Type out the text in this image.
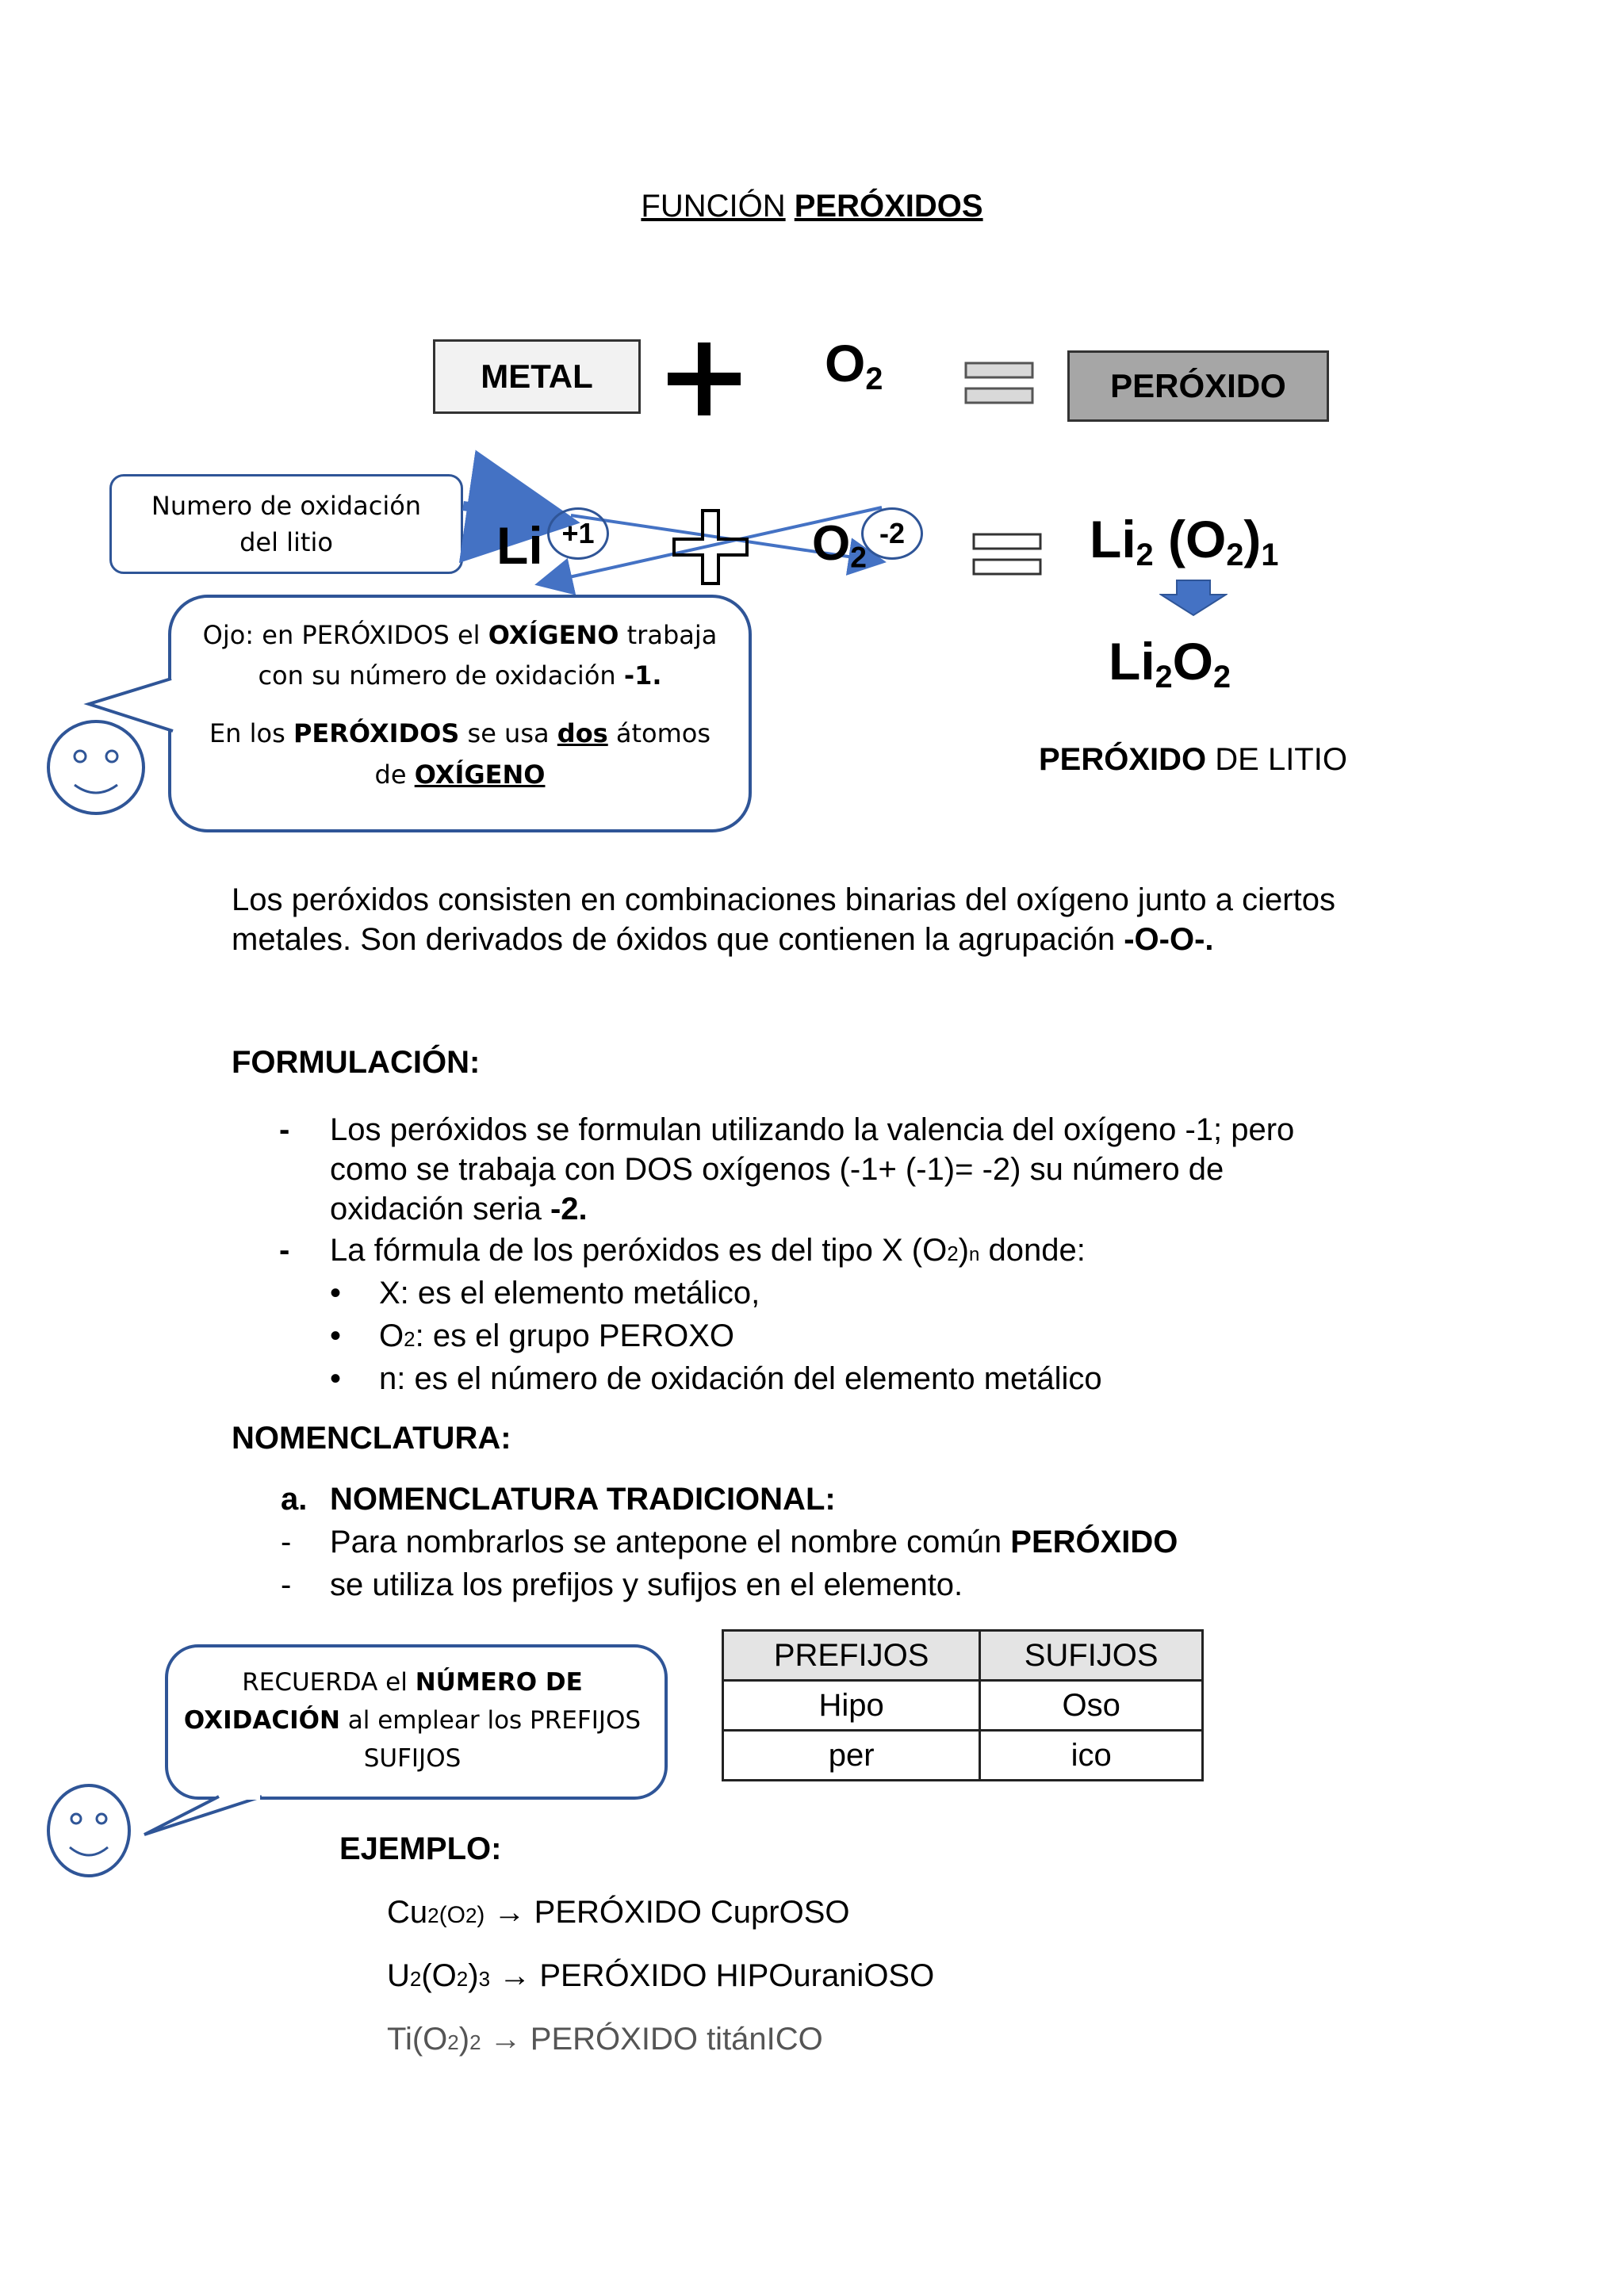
FUNCIÓN PERÓXIDOS
METAL	$O_2$	PERÓXIDO
Numero de oxidación
del litio	Li +1	$O_2$
-2	$Li_2$ $(O_2)_1$
$Li_2O_2$
PERÓXIDO DE LITIO
Ojo: en PERÓXIDOS el OXÍGENO trabaja
con su número de oxidación -1.
En los PERÓXIDOS se usa dos átomos
de OXÍGENO
Los peróxidos consisten en combinaciones binarias del oxígeno junto a ciertos
metales. Son derivados de óxidos que contienen la agrupación -O-O-.
FORMULACIÓN:
- Los peróxidos se formulan utilizando la valencia del oxígeno -1; pero
como se trabaja con DOS oxígenos (-1+ (-1)= -2) su número de
oxidación seria -2.
- La fórmula de los peróxidos es del tipo X (O2)n donde:
• X: es el elemento metálico,
• O2: es el grupo PEROXO
• n: es el número de oxidación del elemento metálico
NOMENCLATURA:
a. NOMENCLATURA TRADICIONAL:
- Para nombrarlos se antepone el nombre común PERÓXIDO
- se utiliza los prefijos y sufijos en el elemento.
RECUERDA el NÚMERO DE
OXIDACIÓN al emplear los PREFIJOS
SUFIJOS
PREFIJOS	SUFIJOS
Hipo	Oso
per	ico
EJEMPLO:
Cu2(O2) → PERÓXIDO CuprOSO
U2(O2)3 → PERÓXIDO HIPOuraniOSO
Ti(O2)2 → PERÓXIDO titánICO
